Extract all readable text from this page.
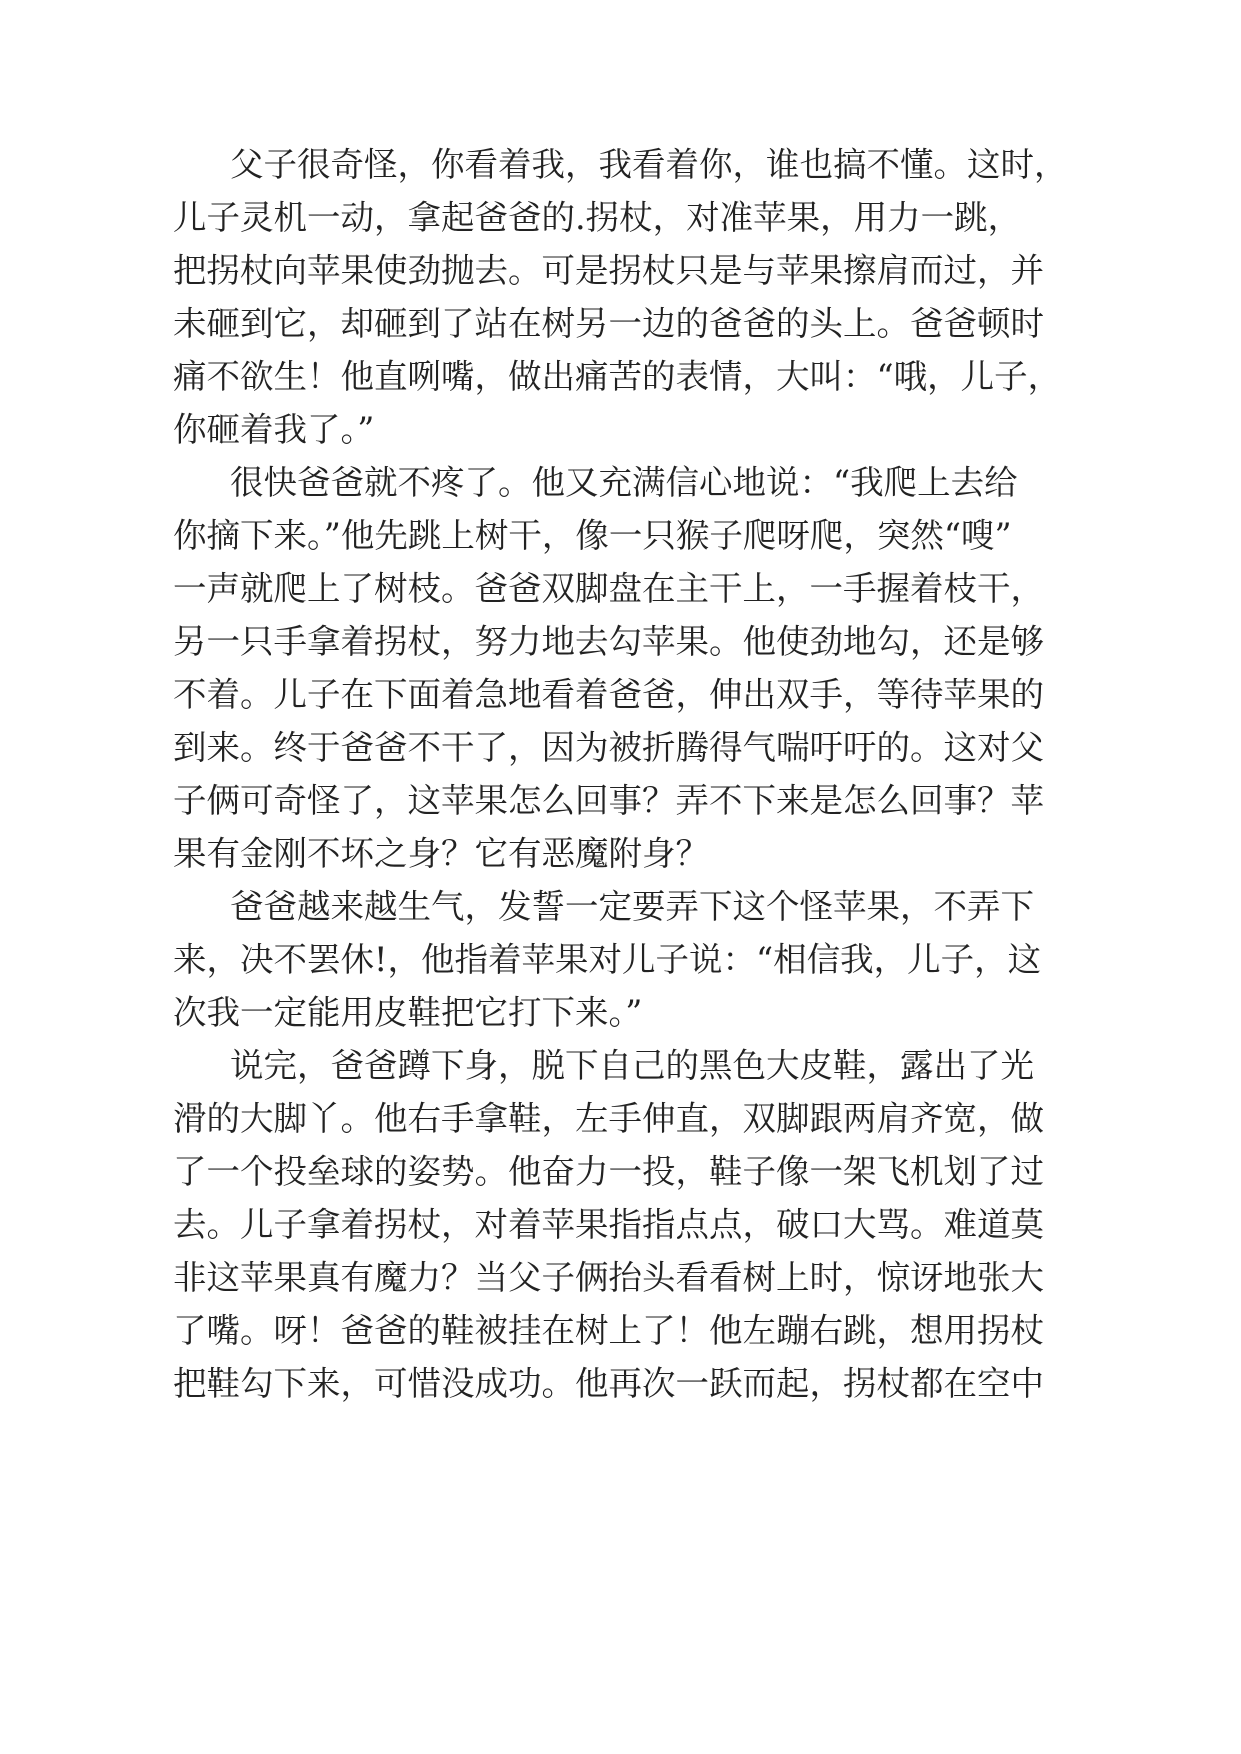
父子很奇怪，你看着我，我看着你，谁也搞不懂。这时，
儿子灵机一动，拿起爸爸的.拐杖，对准苹果，用力一跳，
把拐杖向苹果使劲抛去。可是拐杖只是与苹果擦肩而过，并
未砸到它，却砸到了站在树另一边的爸爸的头上。爸爸顿时
痛不欲生！他直咧嘴，做出痛苦的表情，大叫：“哦，儿子，
你砸着我了。”
很快爸爸就不疼了。他又充满信心地说：“我爬上去给
你摘下来。”他先跳上树干，像一只猴子爬呀爬，突然“嗖”
一声就爬上了树枝。爸爸双脚盘在主干上，一手握着枝干，
另一只手拿着拐杖，努力地去勾苹果。他使劲地勾，还是够
不着。儿子在下面着急地看着爸爸，伸出双手，等待苹果的
到来。终于爸爸不干了，因为被折腾得气喘吁吁的。这对父
子俩可奇怪了，这苹果怎么回事？弄不下来是怎么回事？苹
果有金刚不坏之身？它有恶魔附身？
爸爸越来越生气，发誓一定要弄下这个怪苹果，不弄下
来，决不罢休!，他指着苹果对儿子说：“相信我，儿子，这
次我一定能用皮鞋把它打下来。”
说完，爸爸蹲下身，脱下自己的黑色大皮鞋，露出了光
滑的大脚丫。他右手拿鞋，左手伸直，双脚跟两肩齐宽，做
了一个投垒球的姿势。他奋力一投，鞋子像一架飞机划了过
去。儿子拿着拐杖，对着苹果指指点点，破口大骂。难道莫
非这苹果真有魔力？当父子俩抬头看看树上时，惊讶地张大
了嘴。呀！爸爸的鞋被挂在树上了！他左蹦右跳，想用拐杖
把鞋勾下来，可惜没成功。他再次一跃而起，拐杖都在空中
